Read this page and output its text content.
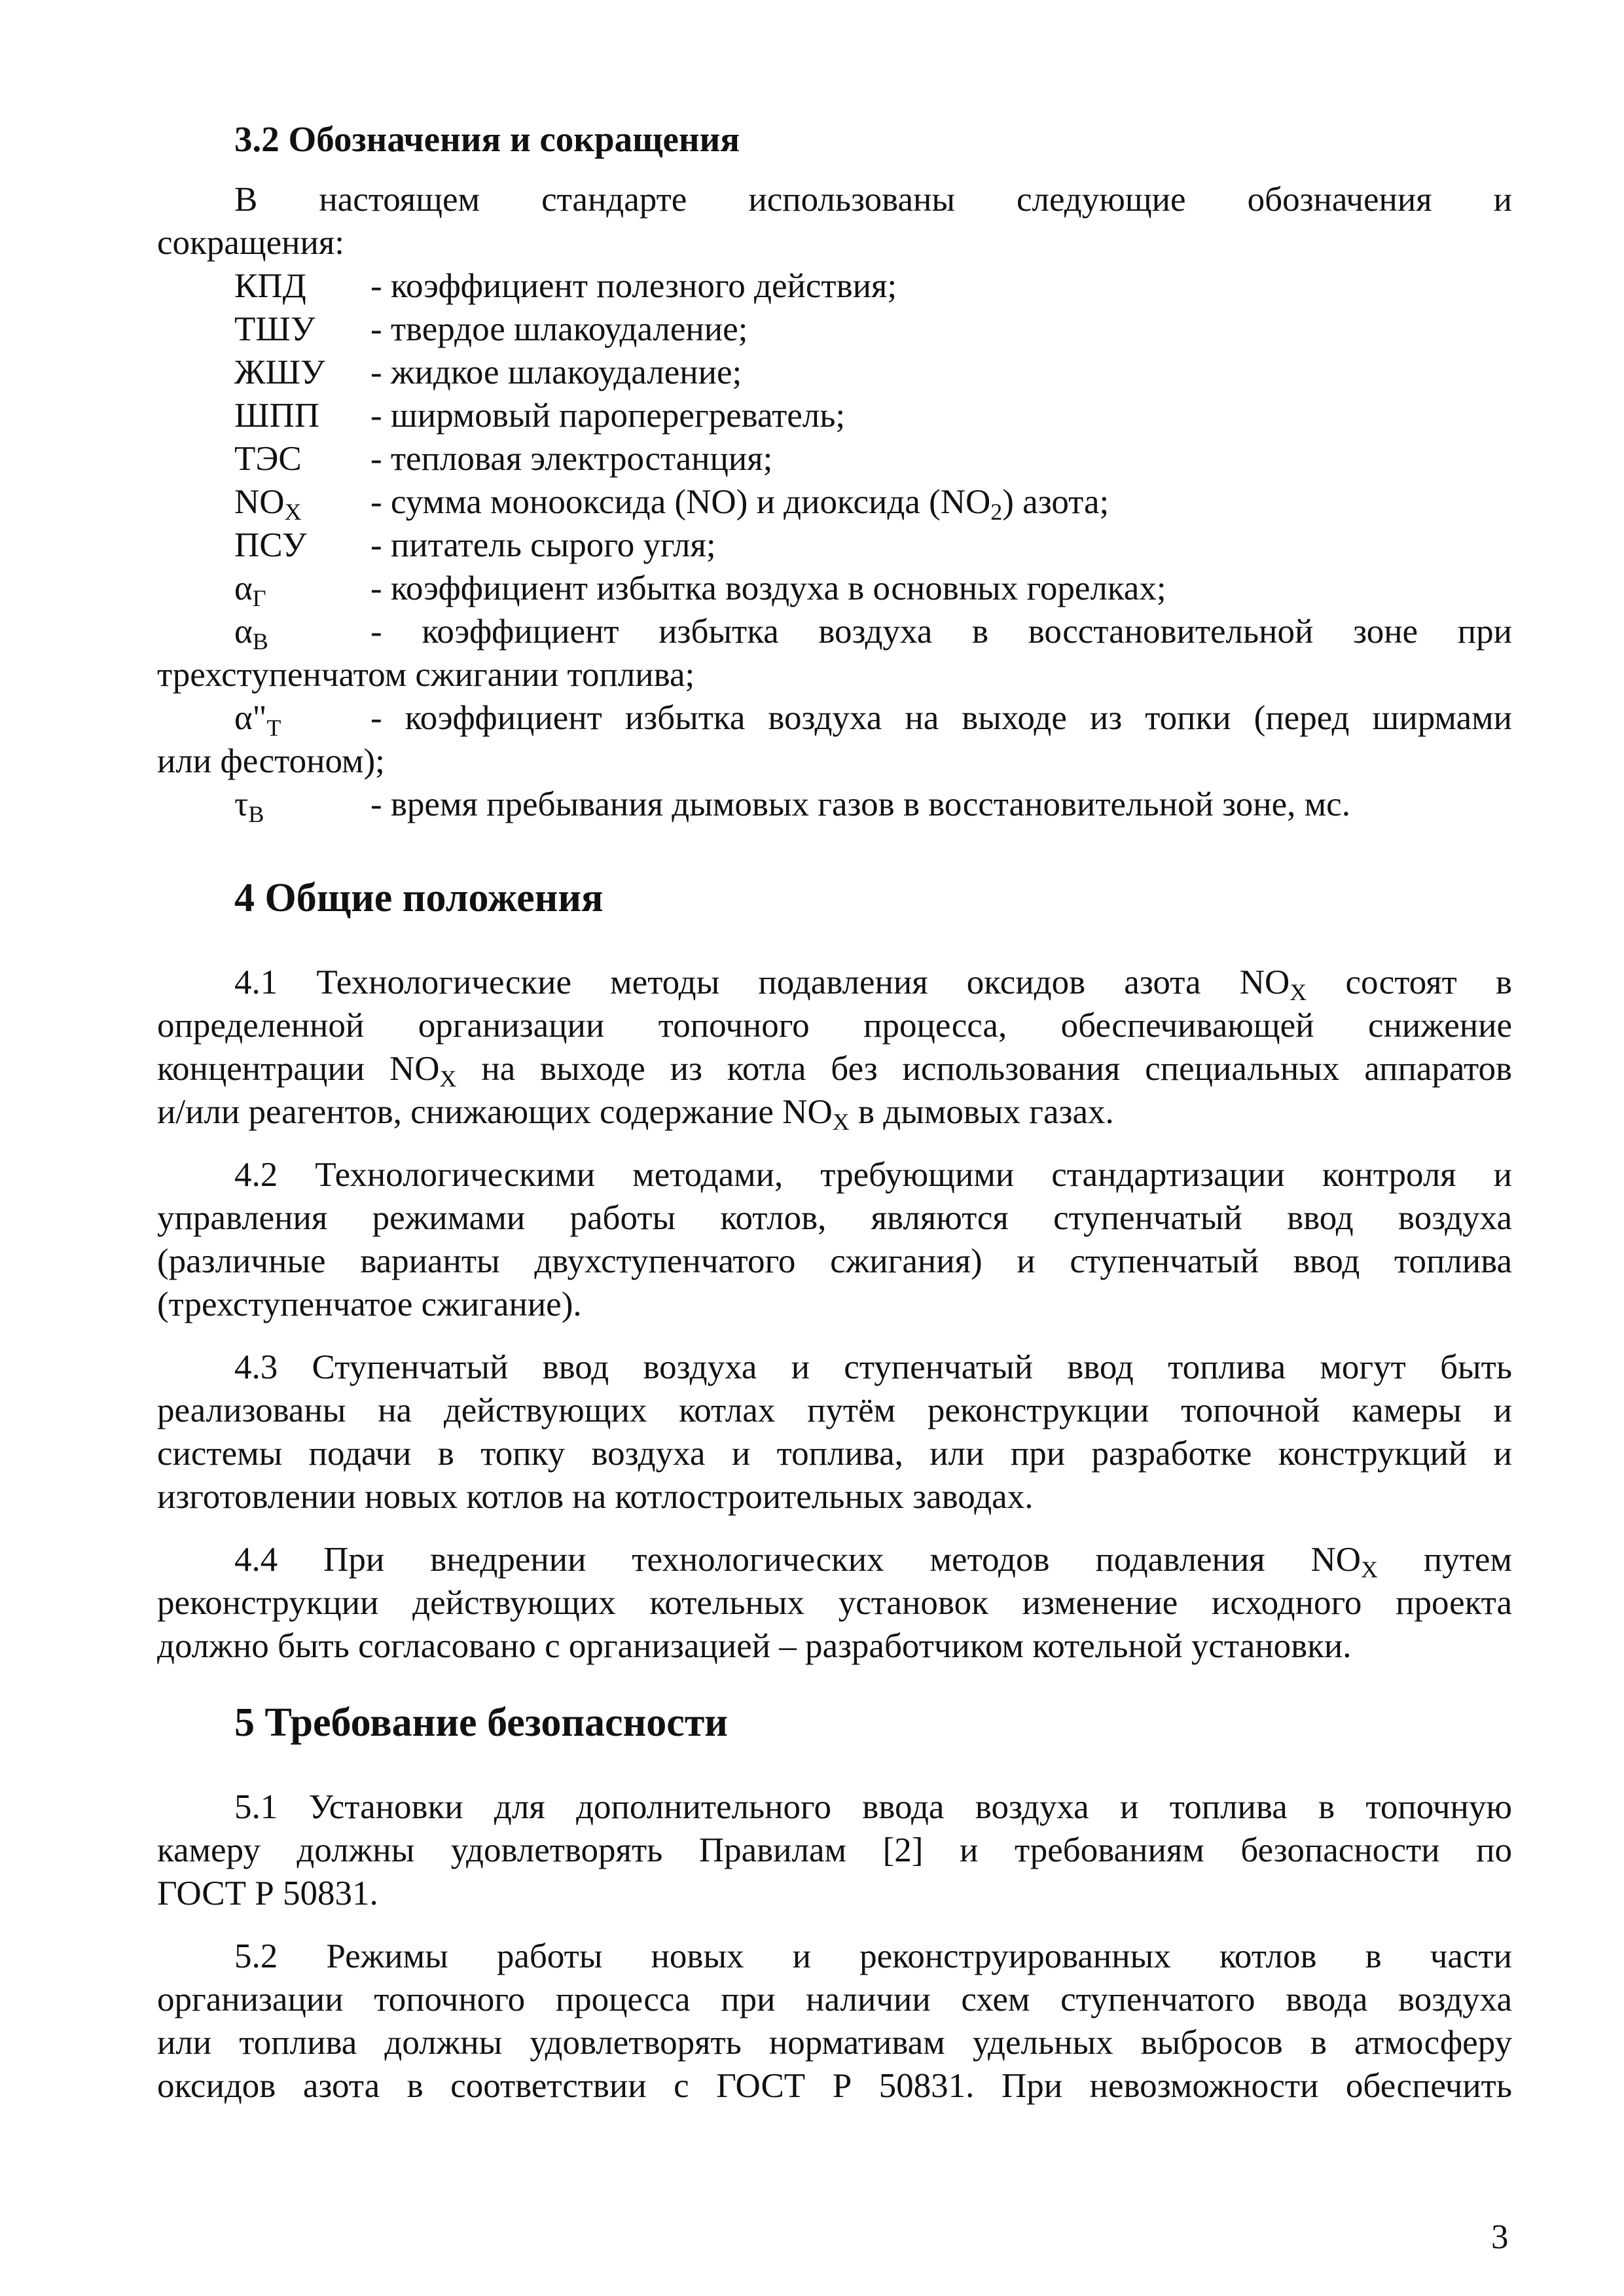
3.2 Обозначения и сокращения
В настоящем стандарте использованы следующие обозначения и
сокращения:
КПД - коэффициент полезного действия;
ТШУ - твердое шлакоудаление;
ЖШУ - жидкое шлакоудаление;
ШПП - ширмовый пароперегреватель;
ТЭС - тепловая электростанция;
$NO_X$ - сумма монооксида (NO) и диоксида $(NO_2)$ азота;
ПСУ - питатель сырого угля;
$\alpha_Г$	- коэффициент избытка воздуха в основных горелках;
$\alpha_В$	- коэффициент избытка воздуха в восстановительной зоне при
трехступенчатом сжигании топлива;
$\alpha"_Т$	- коэффициент избытка воздуха на выходе из топки (перед ширмами
или фестоном);
$\tau_В$	- время пребывания дымовых газов в восстановительной зоне, мс.
4 Общие положения
4.1 Технологические методы подавления оксидов азота $NO_X$ состоят в
определенной организации топочного процесса, обеспечивающей снижение
концентрации $NO_X$ на выходе из котла без использования специальных аппаратов
и/или реагентов, снижающих содержание $NO_X$ в дымовых газах.
4.2 Технологическими методами, требующими стандартизации контроля и
управления режимами работы котлов, являются ступенчатый ввод воздуха
(различные варианты двухступенчатого сжигания) и ступенчатый ввод топлива
(трехступенчатое сжигание).
4.3 Ступенчатый ввод воздуха и ступенчатый ввод топлива могут быть
реализованы на действующих котлах путём реконструкции топочной камеры и
системы подачи в топку воздуха и топлива, или при разработке конструкций и
изготовлении новых котлов на котлостроительных заводах.
4.4 При внедрении технологических методов подавления $NO_X$ путем
реконструкции действующих котельных установок изменение исходного проекта
должно быть согласовано с организацией – разработчиком котельной установки.
5 Требование безопасности
5.1 Установки для дополнительного ввода воздуха и топлива в топочную
камеру должны удовлетворять Правилам [2] и требованиям безопасности по
ГОСТ Р 50831.
5.2 Режимы работы новых и реконструированных котлов в части
организации топочного процесса при наличии схем ступенчатого ввода воздуха
или топлива должны удовлетворять нормативам удельных выбросов в атмосферу
оксидов азота в соответствии с ГОСТ Р 50831. При невозможности обеспечить
3
